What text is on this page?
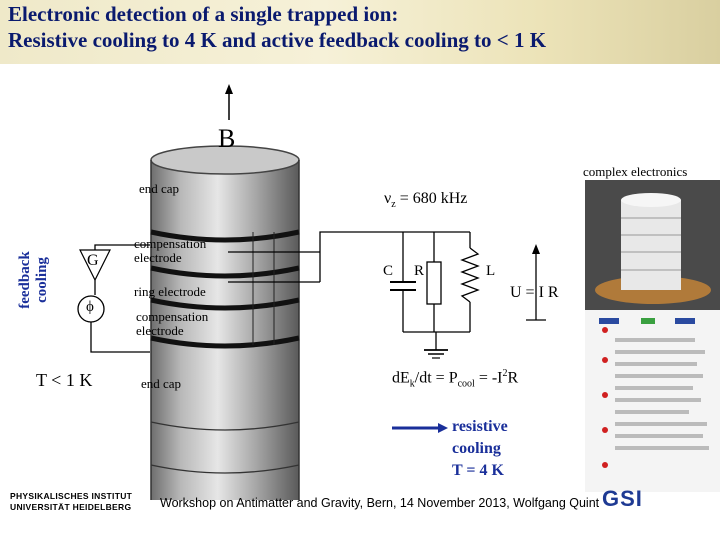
Electronic detection of a single trapped ion:
Resistive cooling to 4 K and active feedback cooling to < 1 K
B
complex electronics
$\nu_z = 680$ kHz
end cap
compensation
electrode
ring electrode
compensation
electrode
end cap
feedback cooling G
ϕ
T < 1 K
C R	L
U = I R
$dE_k/dt = P_{cool} = -I^2R$
resistive
cooling
T = 4 K
PHYSIKALISCHES INSTITUT
UNIVERSITÄT HEIDELBERG Workshop on Antimatter and Gravity, Bern, 14 November 2013, Wolfgang Quint GSI
